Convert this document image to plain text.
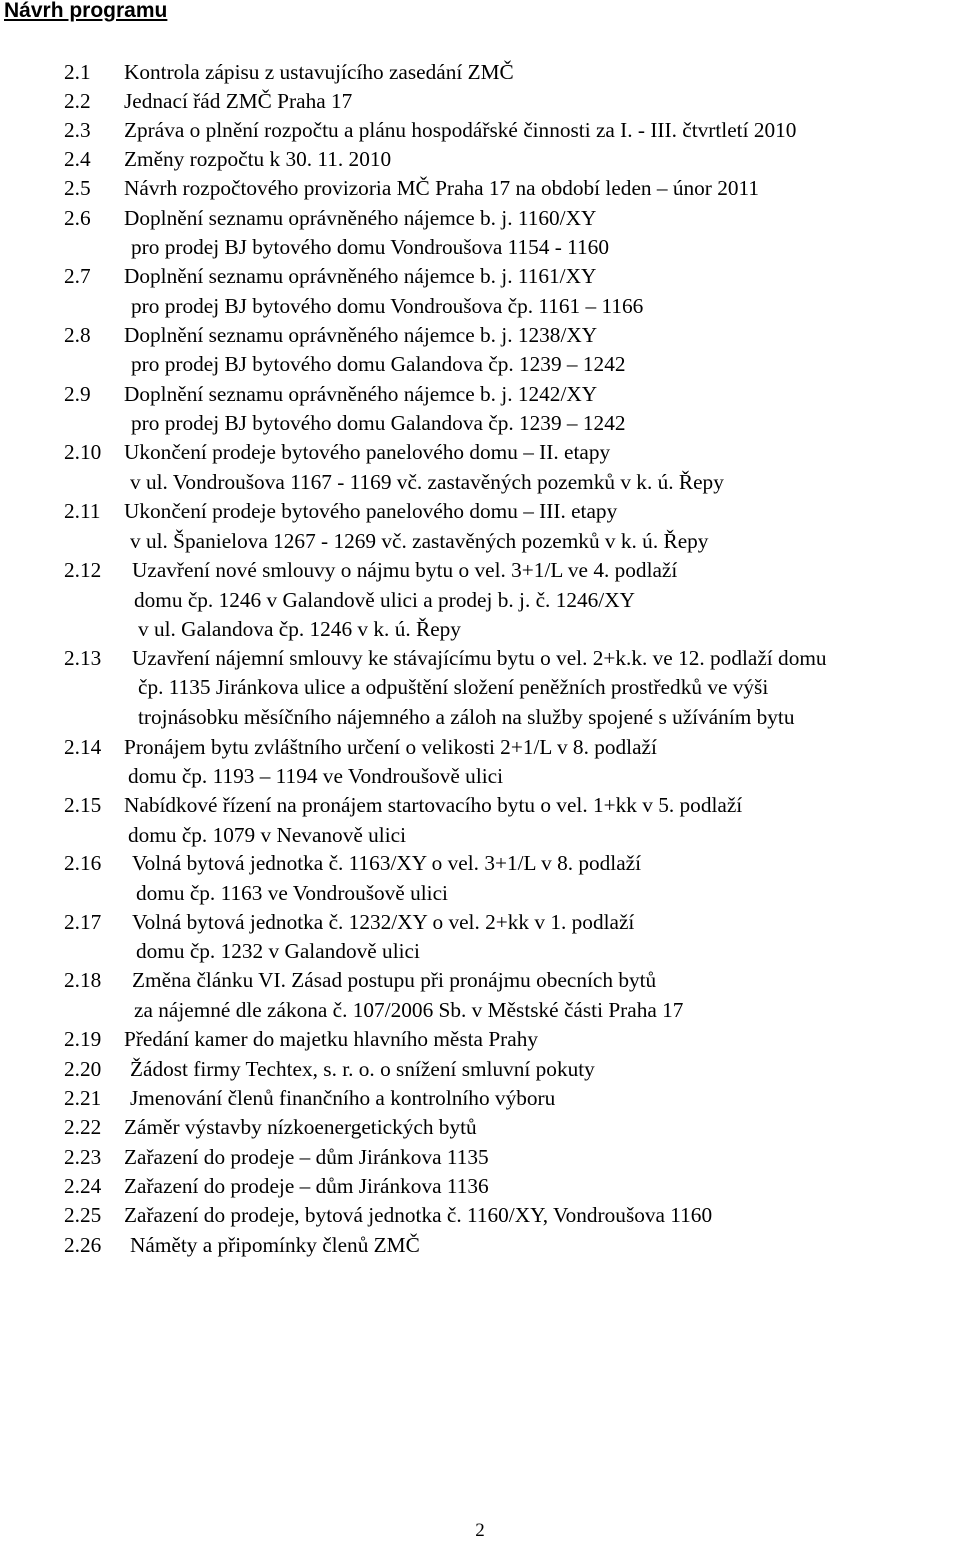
Návrh programu
2.1 Kontrola zápisu z ustavujícího zasedání ZMČ
2.2 Jednací řád ZMČ Praha 17
2.3 Zpráva o plnění rozpočtu a plánu hospodářské činnosti za I. - III. čtvrtletí 2010
2.4 Změny rozpočtu k 30. 11. 2010
2.5 Návrh rozpočtového provizoria MČ Praha 17 na období leden – únor 2011
2.6 Doplnění seznamu oprávněného nájemce b. j. 1160/XY
pro prodej BJ bytového domu Vondroušova 1154 - 1160
2.7 Doplnění seznamu oprávněného nájemce b. j. 1161/XY
pro prodej BJ bytového domu Vondroušova čp. 1161 – 1166
2.8 Doplnění seznamu oprávněného nájemce b. j. 1238/XY
pro prodej BJ bytového domu Galandova čp. 1239 – 1242
2.9 Doplnění seznamu oprávněného nájemce b. j. 1242/XY
pro prodej BJ bytového domu Galandova čp. 1239 – 1242
2.10 Ukončení prodeje bytového panelového domu – II. etapy
v ul. Vondroušova 1167 - 1169 vč. zastavěných pozemků v k. ú. Řepy
2.11 Ukončení prodeje bytového panelového domu – III. etapy
v ul. Španielova 1267 - 1269 vč. zastavěných pozemků v k. ú. Řepy
2.12 Uzavření nové smlouvy o nájmu bytu o vel. 3+1/L ve 4. podlaží
domu čp. 1246 v Galandově ulici a prodej b. j. č. 1246/XY
v ul. Galandova čp. 1246 v k. ú. Řepy
2.13 Uzavření nájemní smlouvy ke stávajícímu bytu o vel. 2+k.k. ve 12. podlaží domu
čp. 1135 Jiránkova ulice a odpuštění složení peněžních prostředků ve výši
trojnásobku měsíčního nájemného a záloh na služby spojené s užíváním bytu
2.14 Pronájem bytu zvláštního určení o velikosti 2+1/L v 8. podlaží
domu čp. 1193 – 1194 ve Vondroušově ulici
2.15 Nabídkové řízení na pronájem startovacího bytu o vel. 1+kk v 5. podlaží
domu čp. 1079 v Nevanově ulici
2.16 Volná bytová jednotka č. 1163/XY o vel. 3+1/L v 8. podlaží
domu čp. 1163 ve Vondroušově ulici
2.17 Volná bytová jednotka č. 1232/XY o vel. 2+kk v 1. podlaží
domu čp. 1232 v Galandově ulici
2.18 Změna článku VI. Zásad postupu při pronájmu obecních bytů
za nájemné dle zákona č. 107/2006 Sb. v Městské části Praha 17
2.19 Předání kamer do majetku hlavního města Prahy
2.20 Žádost firmy Techtex, s. r. o. o snížení smluvní pokuty
2.21 Jmenování členů finančního a kontrolního výboru
2.22 Záměr výstavby nízkoenergetických bytů
2.23 Zařazení do prodeje – dům Jiránkova 1135
2.24 Zařazení do prodeje – dům Jiránkova 1136
2.25 Zařazení do prodeje, bytová jednotka č. 1160/XY, Vondroušova 1160
2.26 Náměty a připomínky členů ZMČ
2
